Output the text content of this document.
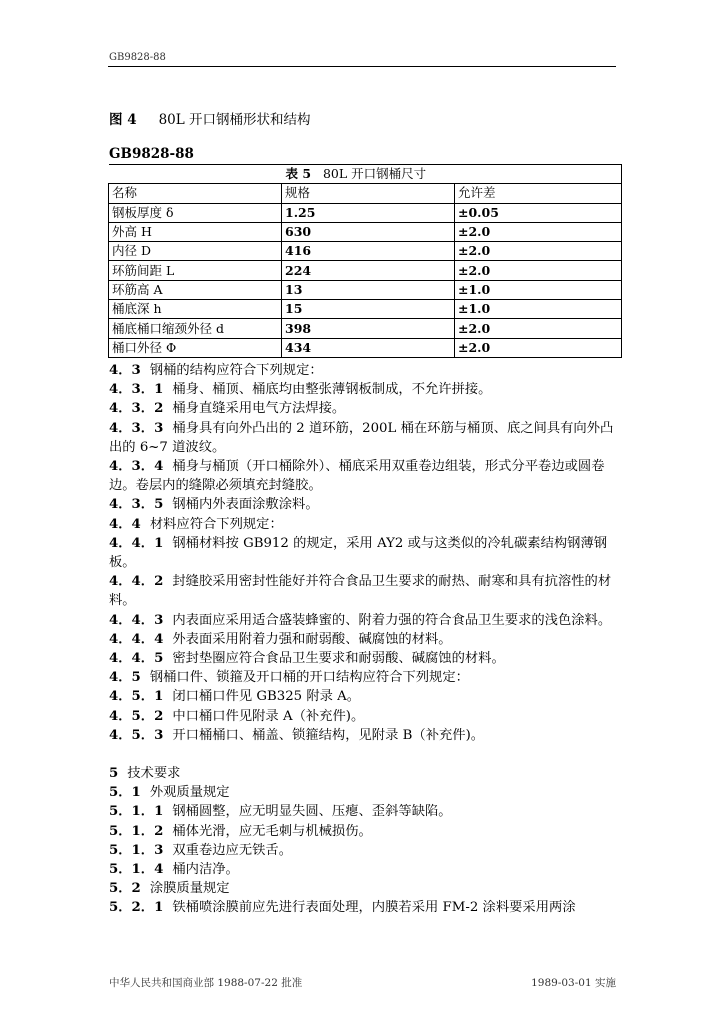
GB9828-88
图 4 80L 开口钢桶形状和结构
GB9828-88
表 5 80L 开口钢桶尺寸		
名称	规格	允许差
钢板厚度 δ	1.25	±0.05
外高 H	630	±2.0
内径 D	416	±2.0
环筋间距 L	224	±2.0
环筋高 A	13	±1.0
桶底深 h	15	±1.0
桶底桶口缩颈外径 d	398	±2.0
桶口外径 Φ	434	±2.0

4．3 钢桶的结构应符合下列规定：

4．3．1 桶身、桶顶、桶底均由整张薄钢板制成，不允许拼接。

4．3．2 桶身直缝采用电气方法焊接。

4．3．3 桶身具有向外凸出的 2 道环筋，200L 桶在环筋与桶顶、底之间具有向外凸出的 6~7 道波纹。

4．3．4 桶身与桶顶（开口桶除外）、桶底采用双重卷边组装，形式分平卷边或圆卷边。卷层内的缝隙必须填充封缝胶。

4．3．5 钢桶内外表面涂敷涂料。

4．4 材料应符合下列规定：

4．4．1 钢桶材料按 GB912 的规定，采用 AY2 或与这类似的冷轧碳素结构钢薄钢板。

4．4．2 封缝胶采用密封性能好并符合食品卫生要求的耐热、耐寒和具有抗溶性的材料。

4．4．3 内表面应采用适合盛装蜂蜜的、附着力强的符合食品卫生要求的浅色涂料。

4．4．4 外表面采用附着力强和耐弱酸、碱腐蚀的材料。

4．4．5 密封垫圈应符合食品卫生要求和耐弱酸、碱腐蚀的材料。

4．5 钢桶口件、锁箍及开口桶的开口结构应符合下列规定：

4．5．1 闭口桶口件见 GB325 附录 A。

4．5．2 中口桶口件见附录 A（补充件)。

4．5．3 开口桶桶口、桶盖、锁箍结构，见附录 B（补充件)。

5 技术要求

5．1 外观质量规定

5．1．1 钢桶圆整，应无明显失圆、压瘪、歪斜等缺陷。

5．1．2 桶体光滑，应无毛刺与机械损伤。

5．1．3 双重卷边应无铁舌。

5．1．4 桶内洁净。

5．2 涂膜质量规定

5．2．1 铁桶喷涂膜前应先进行表面处理，内膜若采用 FM-2 涂料要采用两涂

中华人民共和国商业部 1988-07-22 批准	1989-03-01 实施
